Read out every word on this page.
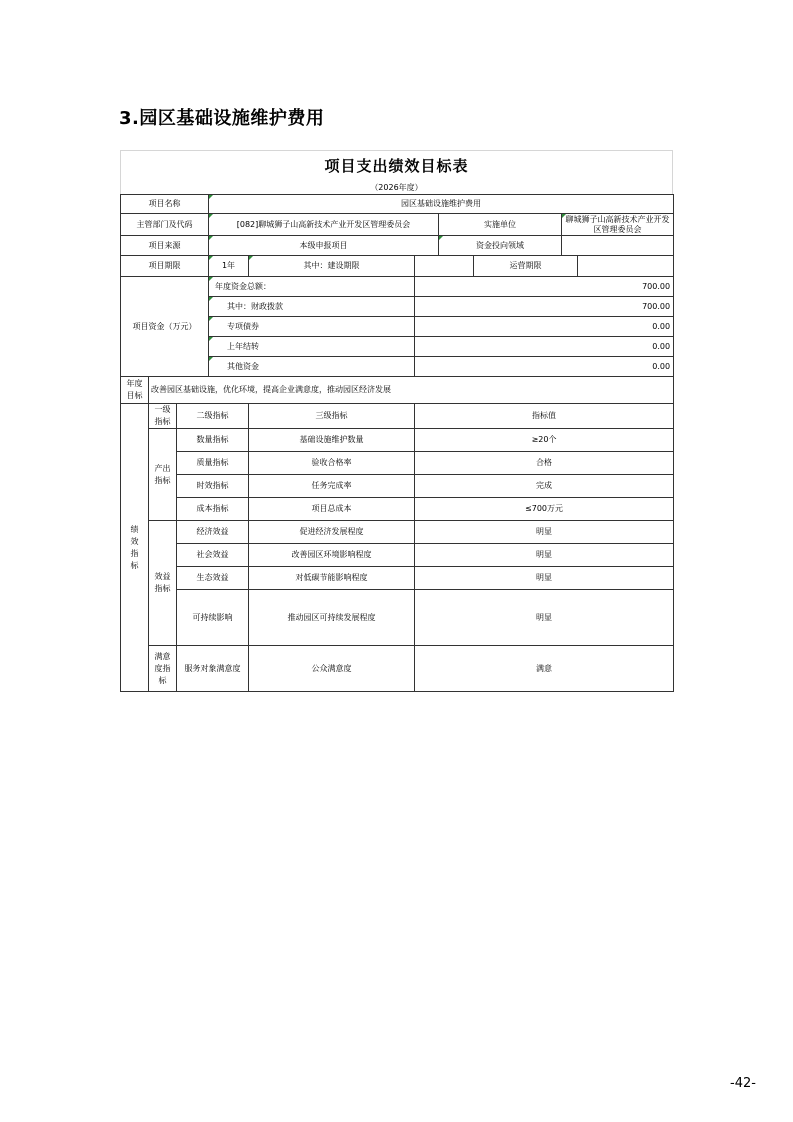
3.园区基础设施维护费用
项目支出绩效目标表
（2026年度）
项目名称			园区基础设施维护费用						
主管部门及代码			[082]聊城狮子山高新技术产业开发区管理委员会			实施单位		聊城狮子山高新技术产业开发区管理委员会	
项目来源			本级申报项目			资金投向领域			
项目期限			1年	其中：建设期限			运营期限		
项目资金（万元）			年度资金总额：		700.00				
			其中：财政拨款		700.00				
			专项债券		0.00				
			上年结转		0.00				
			其他资金		0.00				
年度目标	改善园区基础设施，优化环境，提高企业满意度，推动园区经济发展								
绩效指标	一级指标	二级指标		三级指标	指标值				
	产出指标	数量指标		基础设施维护数量	≥20个				
		质量指标		验收合格率	合格				
		时效指标		任务完成率	完成				
		成本指标		项目总成本	≤700万元				
	效益指标	经济效益		促进经济发展程度	明显				
		社会效益		改善园区环境影响程度	明显				
		生态效益		对低碳节能影响程度	明显				
		可持续影响		推动园区可持续发展程度	明显				
	满意度指标	服务对象满意度		公众满意度	满意				
-42-
